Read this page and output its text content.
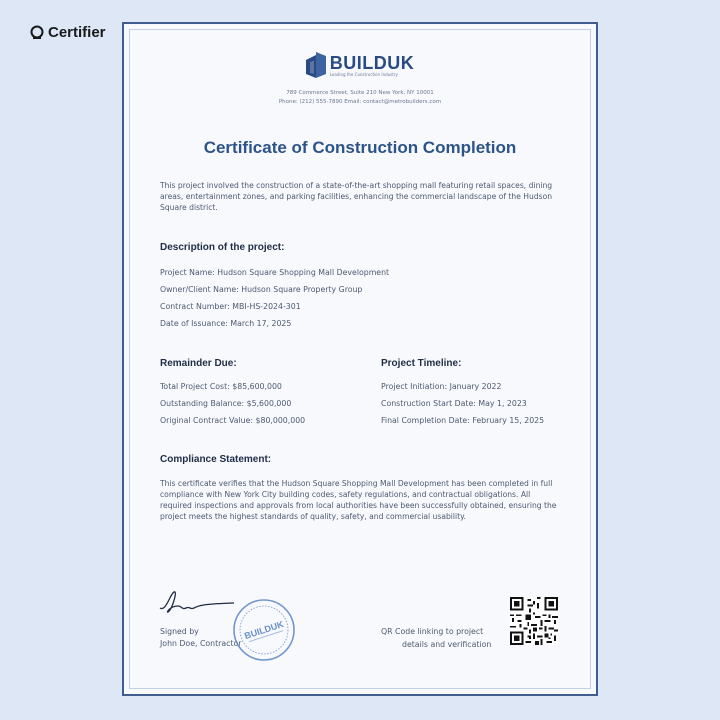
Certifier
BUILDUK
Leading the Construction Industry
789 Commerce Street, Suite 210 New York, NY 10001
Phone: (212) 555-7890 Email: contact@metrobuilders.com
Certificate of Construction Completion
This project involved the construction of a state-of-the-art shopping mall featuring retail spaces, dining areas, entertainment zones, and parking facilities, enhancing the commercial landscape of the Hudson Square district.
Description of the project:
Project Name: Hudson Square Shopping Mall Development
Owner/Client Name: Hudson Square Property Group
Contract Number: MBI-HS-2024-301
Date of Issuance: March 17, 2025
Remainder Due:
Total Project Cost: $85,600,000
Outstanding Balance: $5,600,000
Original Contract Value: $80,000,000
Project Timeline:
Project Initiation: January 2022
Construction Start Date: May 1, 2023
Final Completion Date: February 15, 2025
Compliance Statement:
This certificate verifies that the Hudson Square Shopping Mall Development has been completed in full compliance with New York City building codes, safety regulations, and contractual obligations. All required inspections and approvals from local authorities have been successfully obtained, ensuring the project meets the highest standards of quality, safety, and commercial usability.
Signed by
John Doe, Contractor
BUILDUK	QR Code linking to project
details and verification
